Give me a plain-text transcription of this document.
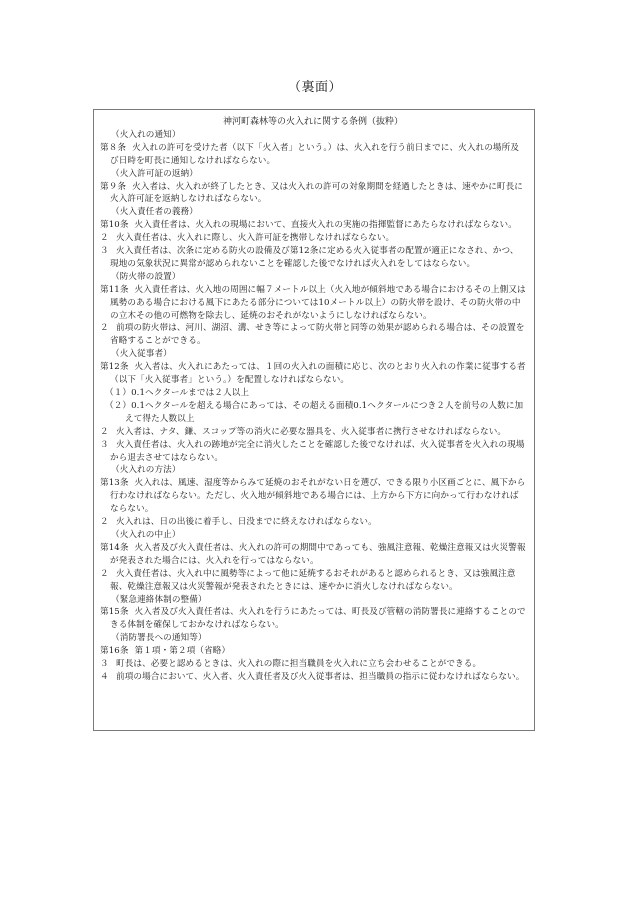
（裏面）
神河町森林等の火入れに関する条例（抜粋）
（火入れの通知）
第８条 火入れの許可を受けた者（以下「火入者」という。）は、火入れを行う前日までに、火入れの場所及び日時を町長に通知しなければならない。
（火入許可証の返納）
第９条 火入者は、火入れが終了したとき、又は火入れの許可の対象期間を経過したときは、速やかに町長に火入許可証を返納しなければならない。
（火入責任者の義務）
第10条 火入責任者は、火入れの現場において、直接火入れの実施の指揮監督にあたらなければならない。
２ 火入責任者は、火入れに際し、火入許可証を携帯しなければならない。
３ 火入責任者は、次条に定める防火の設備及び第12条に定める火入従事者の配置が適正になされ、かつ、現地の気象状況に異常が認められないことを確認した後でなければ火入れをしてはならない。
（防火帯の設置）
第11条 火入責任者は、火入地の周囲に幅７メートル以上（火入地が傾斜地である場合におけるその上側又は風勢のある場合における風下にあたる部分については10メートル以上）の防火帯を設け、その防火帯の中の立木その他の可燃物を除去し、延焼のおそれがないようにしなければならない。
２ 前項の防火帯は、河川、湖沼、溝、せき等によって防火帯と同等の効果が認められる場合は、その設置を省略することができる。
（火入従事者）
第12条 火入者は、火入れにあたっては、１回の火入れの面積に応じ、次のとおり火入れの作業に従事する者（以下「火入従事者」という。）を配置しなければならない。
（１）0.1ヘクタールまでは２人以上
（２）0.1ヘクタールを超える場合にあっては、その超える面積0.1ヘクタールにつき２人を前号の人数に加えて得た人数以上
２ 火入者は、ナタ、鎌、スコップ等の消火に必要な器具を、火入従事者に携行させなければならない。
３ 火入責任者は、火入れの跡地が完全に消火したことを確認した後でなければ、火入従事者を火入れの現場から退去させてはならない。
（火入れの方法）
第13条 火入れは、風速、湿度等からみて延焼のおそれがない日を選び、できる限り小区画ごとに、風下から行わなければならない。ただし、火入地が傾斜地である場合には、上方から下方に向かって行わなければならない。
２ 火入れは、日の出後に着手し、日没までに終えなければならない。
（火入れの中止）
第14条 火入者及び火入責任者は、火入れの許可の期間中であっても、強風注意報、乾燥注意報又は火災警報が発表された場合には、火入れを行ってはならない。
２ 火入責任者は、火入れ中に風勢等によって他に延焼するおそれがあると認められるとき、又は強風注意報、乾燥注意報又は火災警報が発表されたときには、速やかに消火しなければならない。
（緊急連絡体制の整備）
第15条 火入者及び火入責任者は、火入れを行うにあたっては、町長及び管轄の消防署長に連絡することのできる体制を確保しておかなければならない。
（消防署長への通知等）
第16条 第１項・第２項（省略）
３ 町長は、必要と認めるときは、火入れの際に担当職員を火入れに立ち会わせることができる。
４ 前項の場合において、火入者、火入責任者及び火入従事者は、担当職員の指示に従わなければならない。
